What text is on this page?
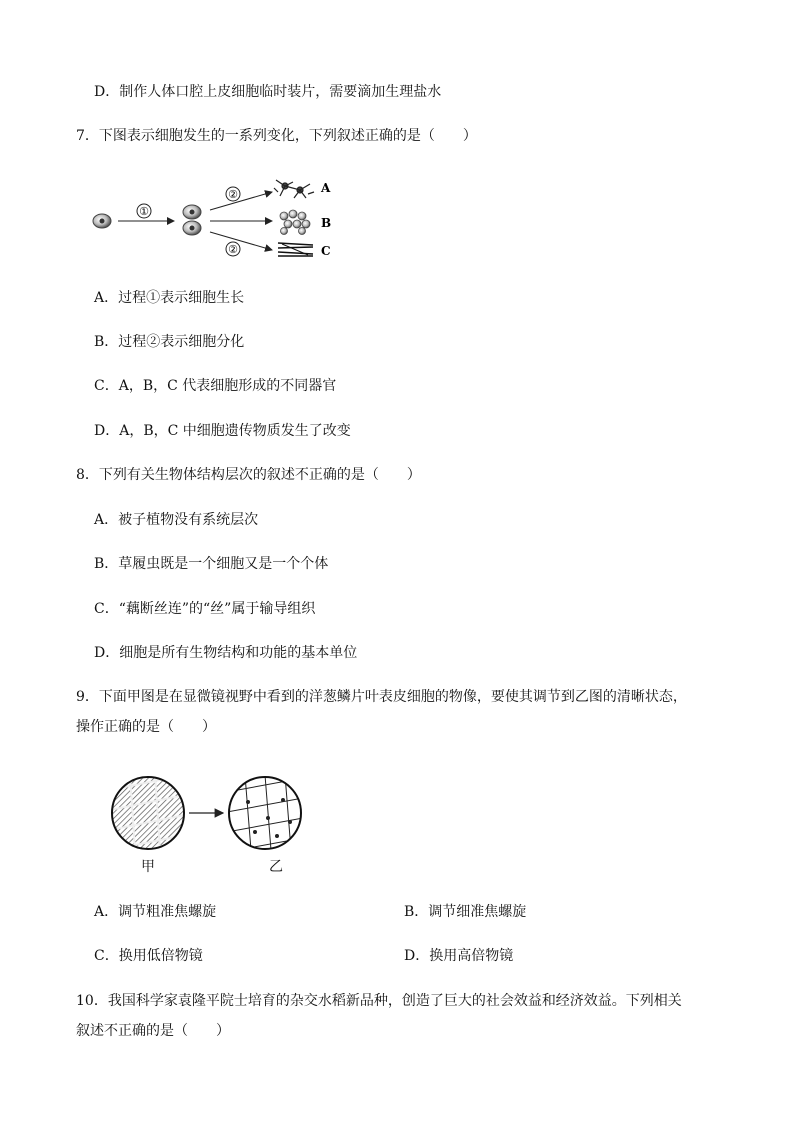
D．制作人体口腔上皮细胞临时装片，需要滴加生理盐水
7．下图表示细胞发生的一系列变化，下列叙述正确的是（　　）
①
②
②
A
B
C
A．过程①表示细胞生长
B．过程②表示细胞分化
C．A，B，C 代表细胞形成的不同器官
D．A，B，C 中细胞遗传物质发生了改变
8．下列有关生物体结构层次的叙述不正确的是（　　）
A．被子植物没有系统层次
B．草履虫既是一个细胞又是一个个体
C．“藕断丝连”的“丝”属于输导组织
D．细胞是所有生物结构和功能的基本单位
9．下面甲图是在显微镜视野中看到的洋葱鳞片叶表皮细胞的物像，要使其调节到乙图的清晰状态，
操作正确的是（　　）
甲	乙
A．调节粗准焦螺旋	B．调节细准焦螺旋
C．换用低倍物镜	D．换用高倍物镜
10．我国科学家袁隆平院士培育的杂交水稻新品种，创造了巨大的社会效益和经济效益。下列相关
叙述不正确的是（　　）
